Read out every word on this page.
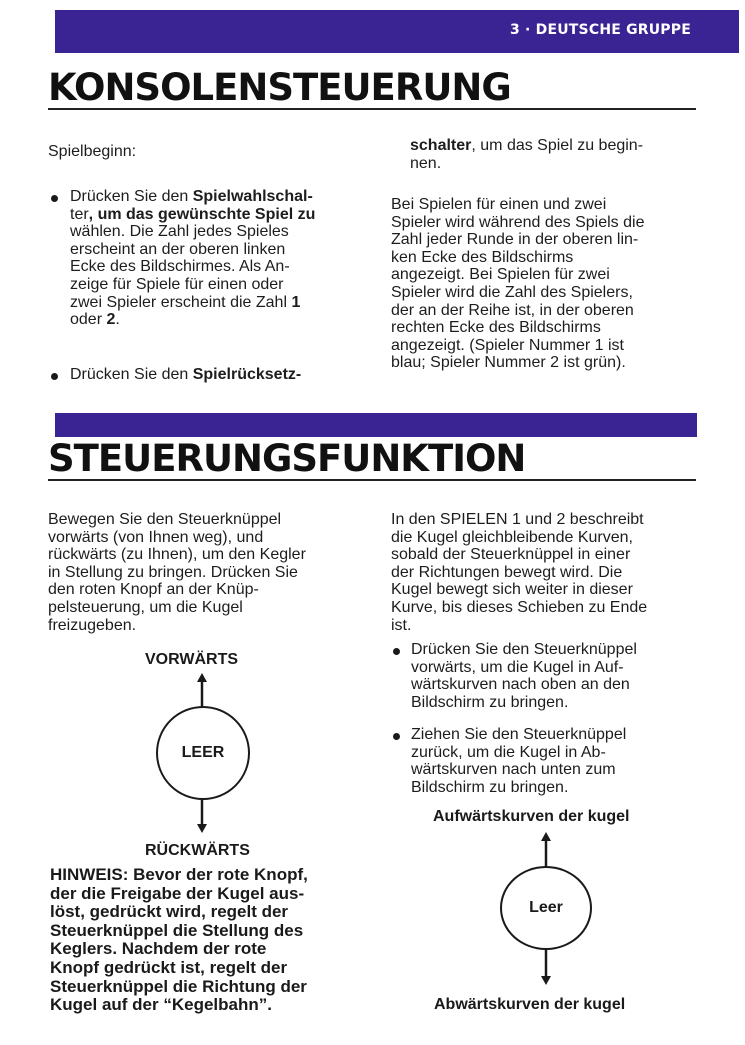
3 · DEUTSCHE GRUPPE
KONSOLENSTEUERUNG

Spielbeginn:

Drücken Sie den Spielwahlschal-
ter, um das gewünschte Spiel zu
wählen. Die Zahl jedes Spieles
erscheint an der oberen linken
Ecke des Bildschirmes. Als An-
zeige für Spiele für einen oder
zwei Spieler erscheint die Zahl 1
oder 2.
Drücken Sie den Spielrücksetz-
schalter, um das Spiel zu begin-
nen.
Bei Spielen für einen und zwei
Spieler wird während des Spiels die
Zahl jeder Runde in der oberen lin-
ken Ecke des Bildschirms
angezeigt. Bei Spielen für zwei
Spieler wird die Zahl des Spielers,
der an der Reihe ist, in der oberen
rechten Ecke des Bildschirms
angezeigt. (Spieler Nummer 1 ist
blau; Spieler Nummer 2 ist grün).
STEUERUNGSFUNKTION
Bewegen Sie den Steuerknüppel
vorwärts (von Ihnen weg), und
rückwärts (zu Ihnen), um den Kegler
in Stellung zu bringen. Drücken Sie
den roten Knopf an der Knüp-
pelsteuerung, um die Kugel
freizugeben.
VORWÄRTS
LEER
RÜCKWÄRTS
HINWEIS: Bevor der rote Knopf,
der die Freigabe der Kugel aus-
löst, gedrückt wird, regelt der
Steuerknüppel die Stellung des
Keglers. Nachdem der rote
Knopf gedrückt ist, regelt der
Steuerknüppel die Richtung der
Kugel auf der “Kegelbahn”.
In den SPIELEN 1 und 2 beschreibt
die Kugel gleichbleibende Kurven,
sobald der Steuerknüppel in einer
der Richtungen bewegt wird. Die
Kugel bewegt sich weiter in dieser
Kurve, bis dieses Schieben zu Ende
ist.
Drücken Sie den Steuerknüppel
vorwärts, um die Kugel in Auf-
wärtskurven nach oben an den
Bildschirm zu bringen.
Ziehen Sie den Steuerknüppel
zurück, um die Kugel in Ab-
wärtskurven nach unten zum
Bildschirm zu bringen.
Aufwärtskurven der kugel
Leer
Abwärtskurven der kugel
